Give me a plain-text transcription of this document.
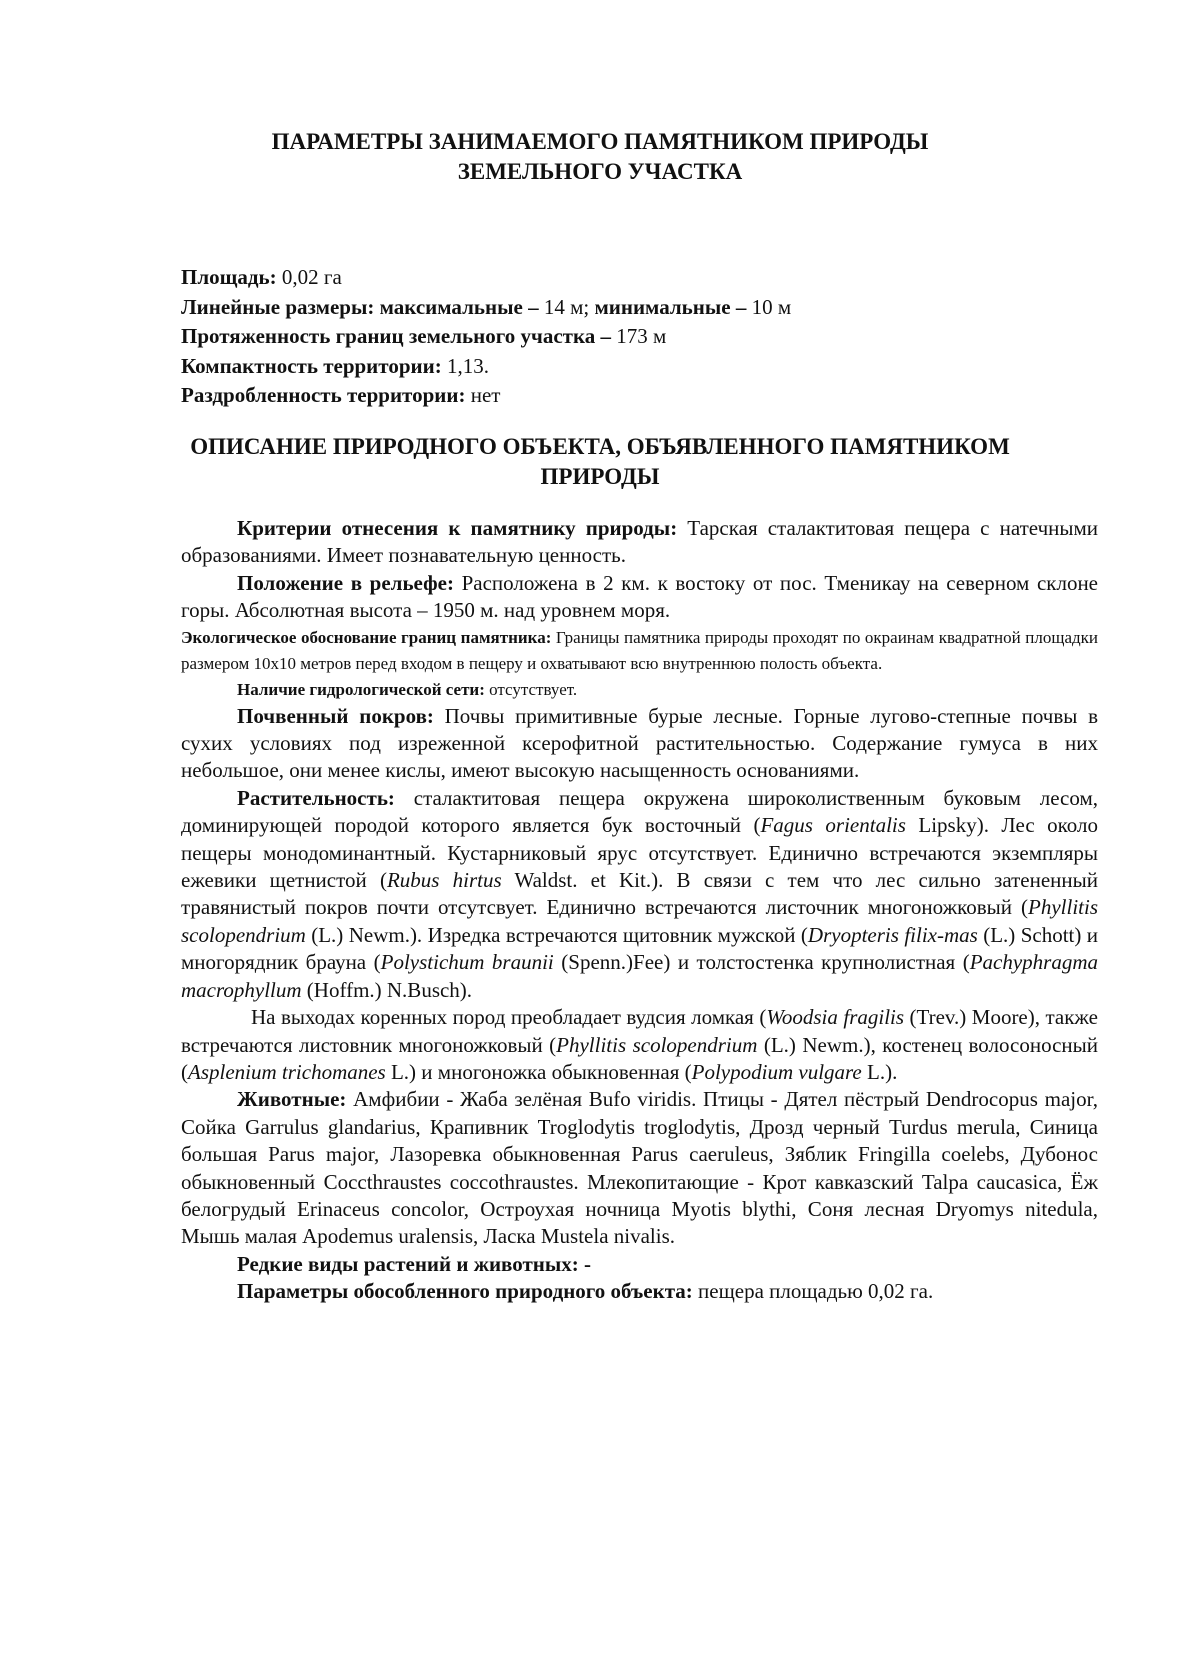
ПАРАМЕТРЫ ЗАНИМАЕМОГО ПАМЯТНИКОМ ПРИРОДЫ
ЗЕМЕЛЬНОГО УЧАСТКА

Площадь: 0,02 га

Линейные размеры: максимальные – 14 м; минимальные – 10 м

Протяженность границ земельного участка – 173 м

Компактность территории: 1,13.

Раздробленность территории: нет

ОПИСАНИЕ ПРИРОДНОГО ОБЪЕКТА, ОБЪЯВЛЕННОГО ПАМЯТНИКОМ
ПРИРОДЫ

Критерии отнесения к памятнику природы: Тарская сталактитовая пещера с натечными образованиями. Имеет познавательную ценность.

Положение в рельефе: Расположена в 2 км. к востоку от пос. Тменикау на северном склоне горы. Абсолютная высота – 1950 м. над уровнем моря.

Экологическое обоснование границ памятника: Границы памятника природы проходят по окраинам квадратной площадки размером 10х10 метров перед входом в пещеру и охватывают всю внутреннюю полость объекта.

Наличие гидрологической сети: отсутствует.

Почвенный покров: Почвы примитивные бурые лесные. Горные лугово-степные почвы в сухих условиях под изреженной ксерофитной растительностью. Содержание гумуса в них небольшое, они менее кислы, имеют высокую насыщенность основаниями.

Растительность: сталактитовая пещера окружена широколиственным буковым лесом, доминирующей породой которого является бук восточный (Fagus orientalis Lipsky). Лес около пещеры монодоминантный. Кустарниковый ярус отсутствует. Единично встречаются экземпляры ежевики щетнистой (Rubus hirtus Waldst. et Kit.). В связи с тем что лес сильно затененный травянистый покров почти отсутсвует. Единично встречаются листочник многоножковый (Phyllitis scolopendrium (L.) Newm.). Изредка встречаются щитовник мужской (Dryopteris filix-mas (L.) Schott) и многорядник брауна (Polystichum braunii (Spenn.)Fee) и толстостенка крупнолистная (Pachyphragma macrophyllum (Hoffm.) N.Busch).

На выходах коренных пород преобладает вудсия ломкая (Woodsia fragilis (Trev.) Moore), также встречаются листовник многоножковый (Phyllitis scolopendrium (L.) Newm.), костенец волосоносный (Asplenium trichomanes L.) и многоножка обыкновенная (Polypodium vulgare L.).

Животные: Амфибии - Жаба зелёная Bufo viridis. Птицы - Дятел пёстрый Dendrocopus major, Сойка Garrulus glandarius, Крапивник Troglodytis troglodytis, Дрозд черный Turdus merula, Синица большая Parus major, Лазоревка обыкновенная Parus caeruleus, Зяблик Fringilla coelebs, Дубонос обыкновенный Coccthraustes coccothraustes. Млекопитающие - Крот кавказский Talpa caucasica, Ёж белогрудый Erinaceus concolor, Остроухая ночница Myotis blythi, Соня лесная Dryomys nitedula, Мышь малая Apodemus uralensis, Ласка Mustela nivalis.

Редкие виды растений и животных: -

Параметры обособленного природного объекта: пещера площадью 0,02 га.
